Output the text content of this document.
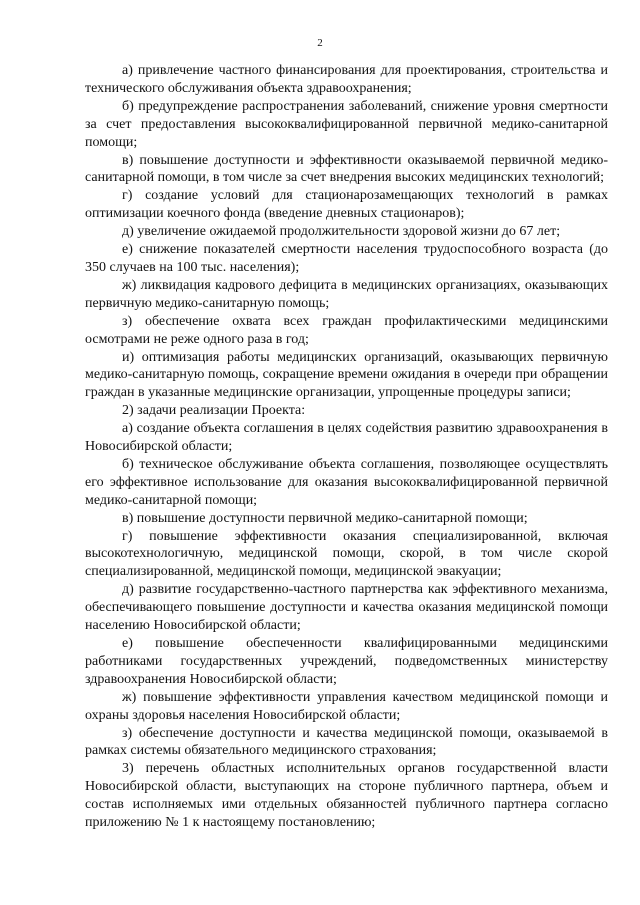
2

а) привлечение частного финансирования для проектирования, строительства и технического обслуживания объекта здравоохранения;

б) предупреждение распространения заболеваний, снижение уровня смертности за счет предоставления высококвалифицированной первичной медико-санитарной помощи;

в) повышение доступности и эффективности оказываемой первичной медико-санитарной помощи, в том числе за счет внедрения высоких медицинских технологий;

г) создание условий для стационарозамещающих технологий в рамках оптимизации коечного фонда (введение дневных стационаров);

д) увеличение ожидаемой продолжительности здоровой жизни до 67 лет;

е) снижение показателей смертности населения трудоспособного возраста (до 350 случаев на 100 тыс. населения);

ж) ликвидация кадрового дефицита в медицинских организациях, оказывающих первичную медико-санитарную помощь;

з) обеспечение охвата всех граждан профилактическими медицинскими осмотрами не реже одного раза в год;

и) оптимизация работы медицинских организаций, оказывающих первичную медико-санитарную помощь, сокращение времени ожидания в очереди при обращении граждан в указанные медицинские организации, упрощенные процедуры записи;

2) задачи реализации Проекта:

а) создание объекта соглашения в целях содействия развитию здравоохранения в Новосибирской области;

б) техническое обслуживание объекта соглашения, позволяющее осуществлять его эффективное использование для оказания высококвалифицированной первичной медико-санитарной помощи;

в) повышение доступности первичной медико-санитарной помощи;

г) повышение эффективности оказания специализированной, включая высокотехнологичную, медицинской помощи, скорой, в том числе скорой специализированной, медицинской помощи, медицинской эвакуации;

д) развитие государственно-частного партнерства как эффективного механизма, обеспечивающего повышение доступности и качества оказания медицинской помощи населению Новосибирской области;

е) повышение обеспеченности квалифицированными медицинскими работниками государственных учреждений, подведомственных министерству здравоохранения Новосибирской области;

ж) повышение эффективности управления качеством медицинской помощи и охраны здоровья населения Новосибирской области;

з) обеспечение доступности и качества медицинской помощи, оказываемой в рамках системы обязательного медицинского страхования;

3) перечень областных исполнительных органов государственной власти Новосибирской области, выступающих на стороне публичного партнера, объем и состав исполняемых ими отдельных обязанностей публичного партнера согласно приложению № 1 к настоящему постановлению;
